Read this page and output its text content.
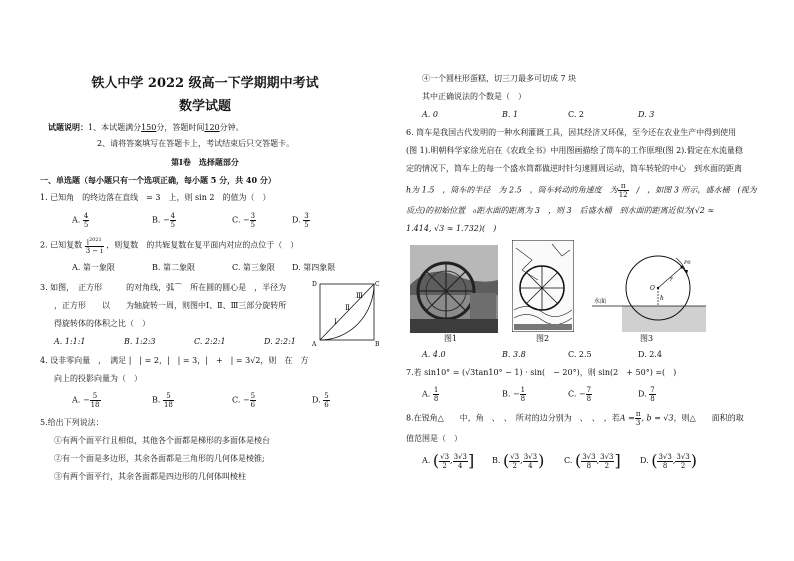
铁人中学 2022 级高一下学期期中考试
数学试题
试题说明：1、本试题满分150分，答题时间120分钟。
2、请将答案填写在答题卡上，考试结束后只交答题卡。
第Ⅰ卷　选择题部分
一、单选题（每小题只有一个选项正确，每小题 5 分，共 40 分）
1. 已知角　的终边落在直线　= 3　上，则 sin 2　的值为（　）
A. $\frac{4}{5}$	B. − $\frac{4}{5}$	C. − $\frac{3}{5}$	D. $\frac{3}{5}$
2. 已知复数 $\frac{i^{2021}}{3 - i}$ ，则复数　的共轭复数在复平面内对应的点位于（　）
A. 第一象限	B. 第二象限	C. 第三象限 D. 第四象限
3. 如图，　正方形　　　的对角线，弧⌒　所在圆的圆心是　，半径为
，正方形　　以　　为轴旋转一周，则图中Ⅰ、Ⅱ、Ⅲ三部分旋转所
得旋转体的体积之比（　）
A. 1:1:1	B. 1:2:3	C. 2:2:1	D. 2:2:1
D	C
A	B
Ⅰ
Ⅱ
Ⅲ
4. 设非零向量　，　满足 |　| = 2，|　| = 3，|　+　| = 3√2，则　在　方
向上的投影向量为（　）
A. − $\frac{5}{18}$	B. $\frac{5}{18}$	C. − $\frac{5}{6}$	D. $\frac{5}{6}$
5.给出下列说法：
①有两个面平行且相似，其他各个面都是梯形的多面体是棱台
②有一个面是多边形，其余各面都是三角形的几何体是棱锥;
③有两个面平行，其余各面都是四边形的几何体叫棱柱
④一个圆柱形蛋糕，切三刀最多可切成 7 块
其中正确说法的个数是（　）
A. 0	B. 1	C. 2	D. 3
6. 筒车是我国古代发明的一种水利灌溉工具，因其经济又环保，至今还在农业生产中得到使用
(图 1).明朝科学家徐光启在《农政全书》中用图画描绘了筒车的工作原理(图 2).假定在水流量稳
定的情况下，筒车上的每一个盛水筒都做逆时针匀速圆周运动，筒车转轮的中心　到水面的距离
h为 1.5　，筒车的半径　为 2.5　，筒车转动的角速度　为 $\frac{\pi}{12}$ 　/　，如图 3 所示，盛水桶　(视为
质点)的初始位置　₀距水面的距离为 3　，则 3　后盛水桶　到水面的距离近似为(√2 ≈
1.414, √3 ≈ 1.732)(　)
图1	图2
水面
O
h
r
P0
图3
A. 4.0	B. 3.8	C. 2.5	D. 2.4
7.若 sin10° = (√3tan10° − 1) · sin(　− 20°)，则 sin(2　+ 50°) =(　)
A. $\frac{1}{8}$	B. − $\frac{1}{8}$	C. − $\frac{7}{8}$	D. $\frac{7}{8}$
8.在锐角△　　中，角　、　、　所对的边分别为　、　、　，若$A = \frac{\pi}{3}$ , b = √3，则△　　面积的取
值范围是（　）
A. ( $\frac{√3}{2}$ , $\frac{3√3}{4}$ ] B. ( $\frac{√3}{2}$ , $\frac{3√3}{4}$ ) C. ( $\frac{3√3}{8}$ , $\frac{3√3}{2}$ ] D. ( $\frac{3√3}{8}$ , $\frac{3√3}{2}$ )
